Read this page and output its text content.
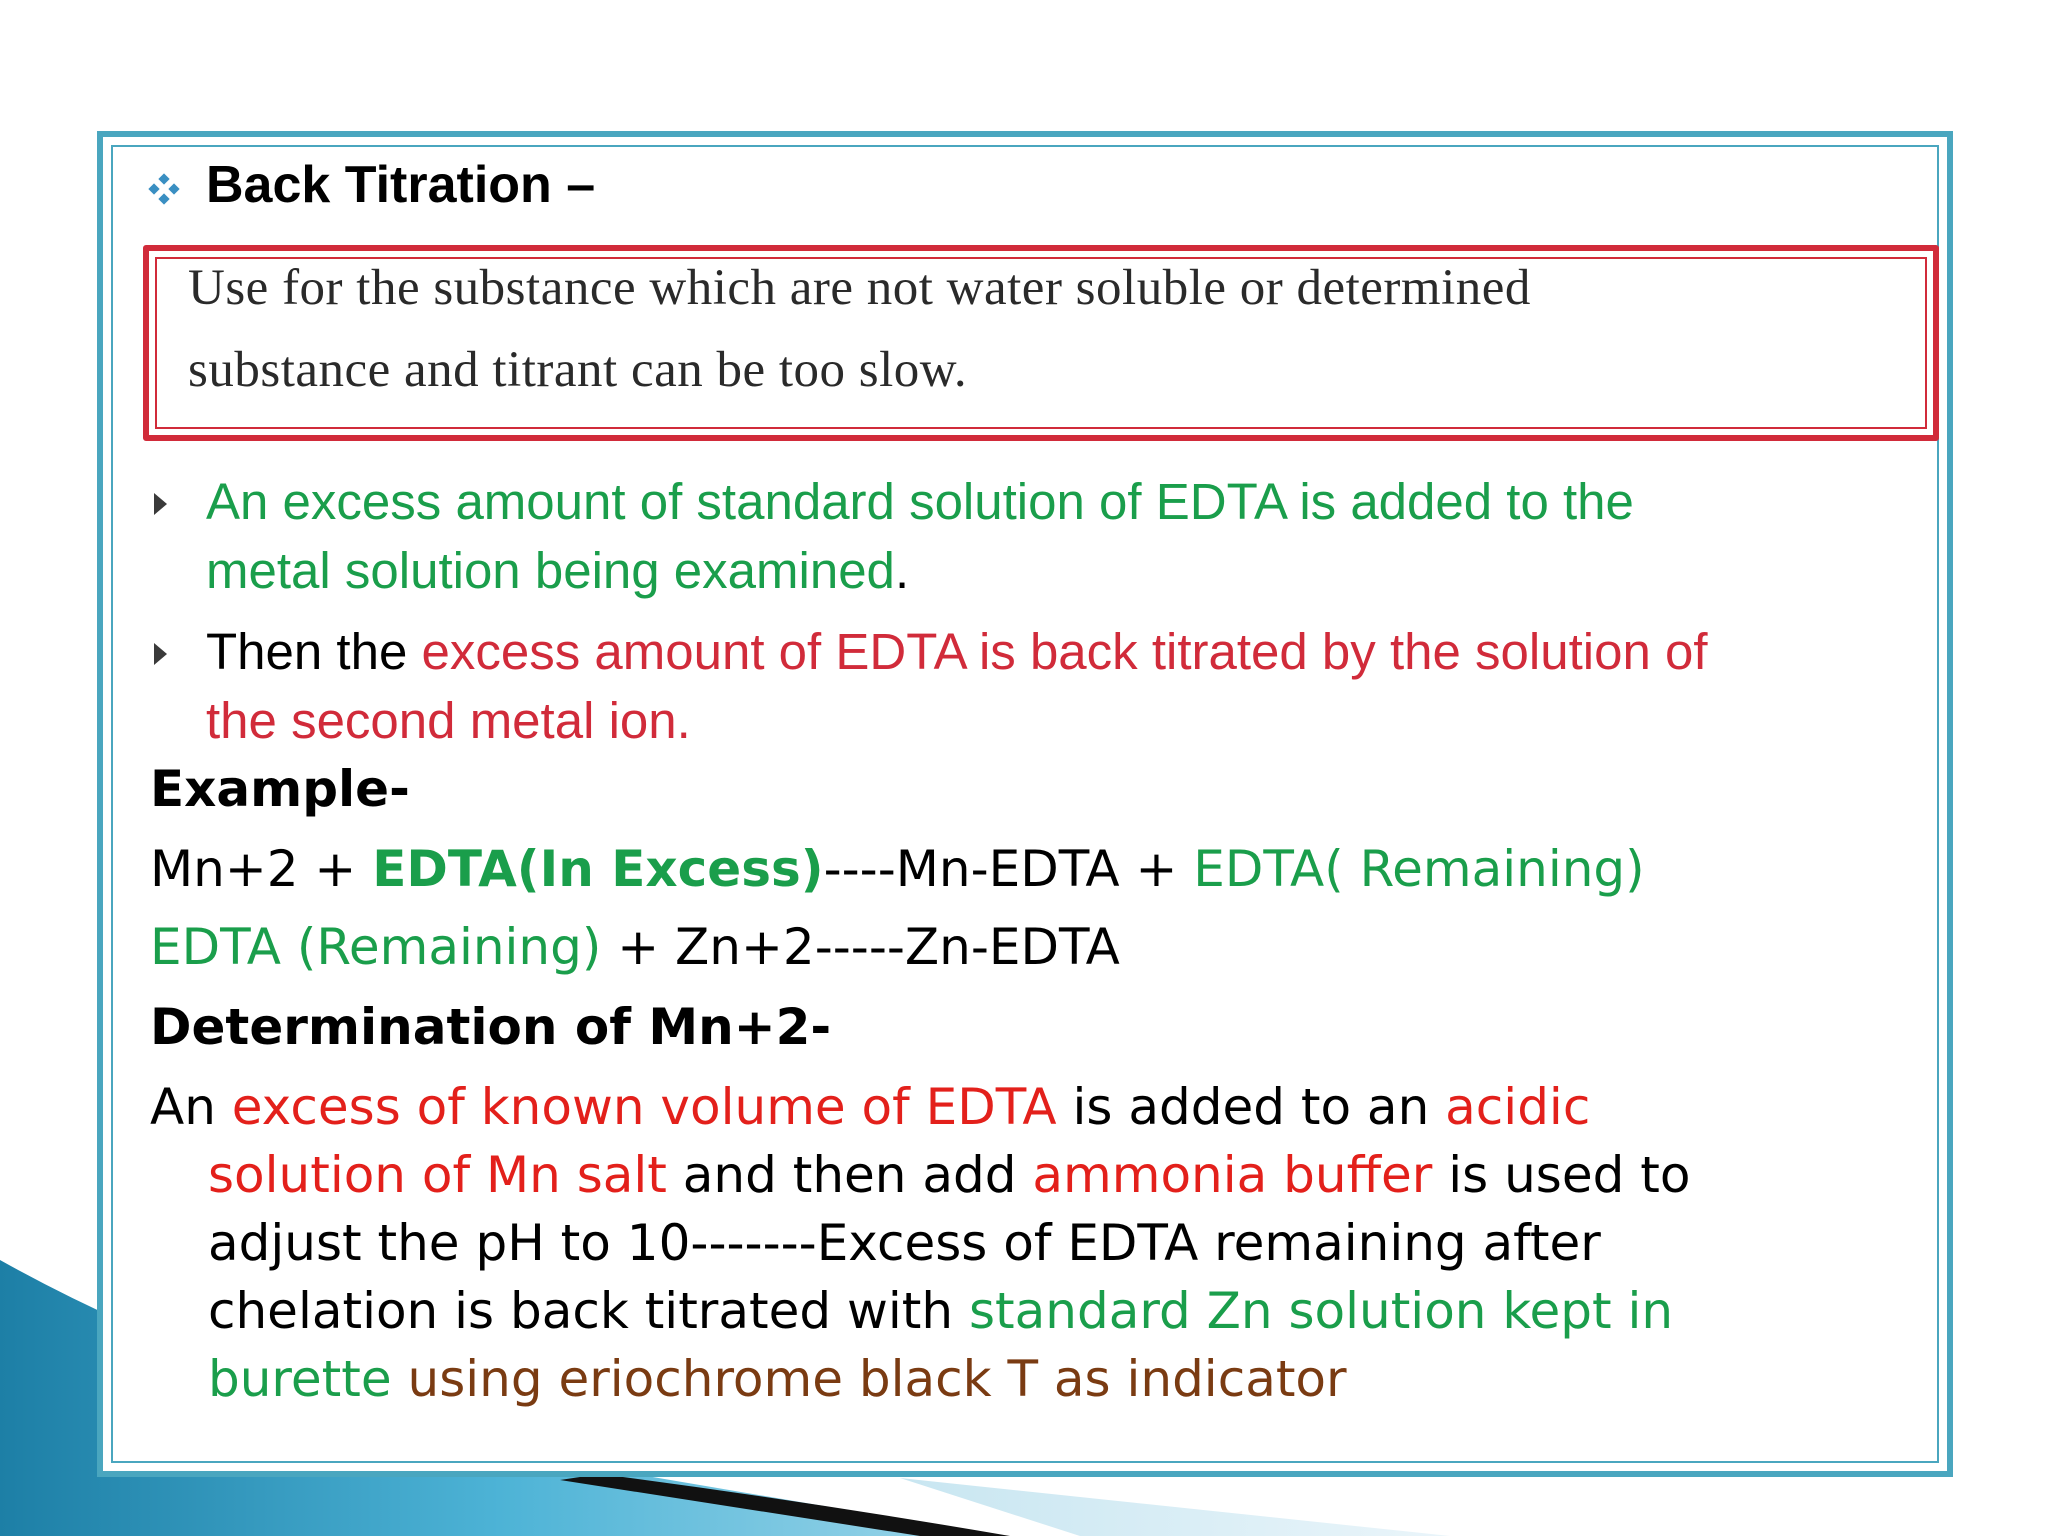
Back Titration –
Use for the substance which are not water soluble or determined
substance and titrant can be too slow.
An excess amount of standard solution of EDTA is added to the
metal solution being examined.
Then the excess amount of EDTA is back titrated by the solution of
the second metal ion.
Example-
Mn+2 + EDTA(In Excess)----Mn-EDTA + EDTA( Remaining)
EDTA (Remaining) + Zn+2-----Zn-EDTA
Determination of Mn+2-
An excess of known volume of EDTA is added to an acidic
solution of Mn salt and then add ammonia buffer is used to
adjust the pH to 10-------Excess of EDTA remaining after
chelation is back titrated with standard Zn solution kept in
burette using eriochrome black T as indicator
